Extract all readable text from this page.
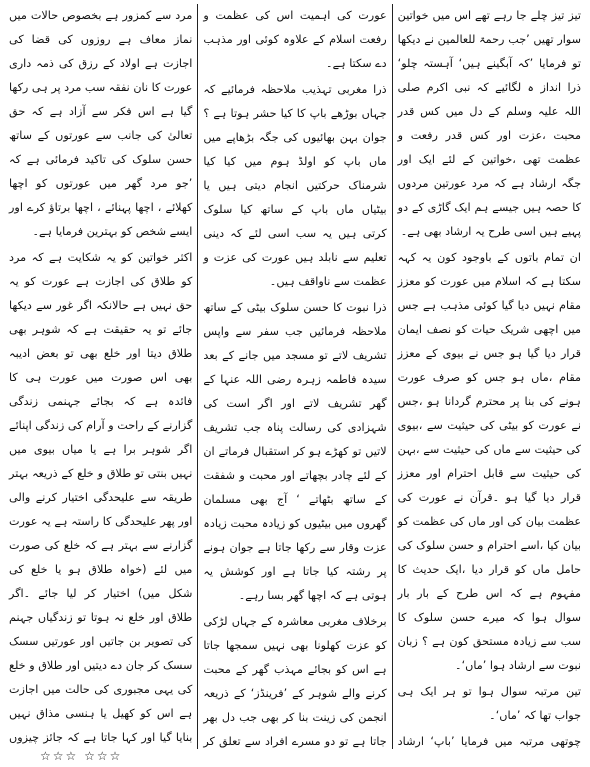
تیز تیز چلے جا رہے تھے اس میں خواتین سوار تھیں ’جب رحمۃ للعالمین نے دیکھا تو فرمایا ’کہ آبگینے ہیں‘ آہستہ چلو‘ ذرا انداز ہ لگائیے کہ نبی اکرم صلی اللہ علیہ وسلم کے دل میں کس قدر محبت ،عزت اور کس قدر رفعت و عظمت تھی ،خواتین کے لئے ایک اور جگہ ارشاد ہے کہ مرد عورتین مردوں کا حصہ ہیں جیسے ہم ایک گاڑی کے دو پہیے ہیں اسی طرح یہ ارشاد بھی ہے۔

ان تمام باتوں کے باوجود کون یہ کہہ سکتا ہے کہ اسلام میں عورت کو معزز مقام نہیں دیا گیا کوئی مذہب ہے جس میں اچھی شریک حیات کو نصف ایمان قرار دیا گیا ہو جس نے بیوی کے معزز مقام ،ماں ہو جس کو صرف عورت ہونے کی بنا پر محترم گردانا ہو ،جس نے عورت کو بیٹی کی حیثیت سے ،بیوی کی حیثیت سے ماں کی حیثیت سے ،بہن کی حیثیت سے قابل احترام اور معزز قرار دیا گیا ہو ۔قرآن نے عورت کی عظمت بیان کی اور ماں کی عظمت کو بیان کیا ،اسے احترام و حسن سلوک کی حامل ماں کو قرار دیا ،ایک حدیث کا مفہوم ہے کہ اس طرح کے بار بار سوال ہوا کہ میرے حسن سلوک کا سب سے زیادہ مستحق کون ہے ؟ زبان نبوت سے ارشاد ہوا ’ماں‘۔

تین مرتبہ سوال ہوا تو ہر ایک ہی جواب تھا کہ ’ماں‘۔

چوتھی مرتبہ میں فرمایا ’باپ‘ ارشاد

عورت کی اہمیت اس کی عظمت و رفعت اسلام کے علاوہ کوئی اور مذہب دے سکتا ہے۔

ذرا مغربی تہذیب ملاحظہ فرمائیے کہ جہاں بوڑھے باپ کا کیا حشر ہوتا ہے ؟ جوان بہن بھائیوں کی جگہ بڑھاپے میں ماں باپ کو اولڈ ہوم میں کیا کیا شرمناک حرکتیں انجام دیتی ہیں یا بیٹیاں ماں باپ کے ساتھ کیا سلوک کرتی ہیں یہ سب اسی لئے کہ دینی تعلیم سے نابلد ہیں عورت کی عزت و عظمت سے ناواقف ہیں۔

ذرا نبوت کا حسن سلوک بیٹی کے ساتھ ملاحظہ فرمائیں جب سفر سے واپس تشریف لاتے تو مسجد میں جانے کے بعد سیدہ فاطمہ زہرہ رضی اللہ عنہا کے گھر تشریف لاتے اور اگر است کی شہزادی کی رسالت پناہ جب تشریف لاتیں تو کھڑے ہو کر استقبال فرماتے ان کے لئے چادر بچھاتے اور محبت و شفقت کے ساتھ بٹھاتے ‘ آج بھی مسلمان گھروں میں بیٹیوں کو زیادہ محبت زیادہ عزت وقار سے رکھا جاتا ہے جوان ہونے پر رشتہ کیا جاتا ہے اور کوشش یہ ہوتی ہے کہ اچھا گھر بسا رہے۔

برخلاف مغربی معاشرہ کے جہاں لڑکی کو عزت کھلونا بھی نہیں سمجھا جاتا ہے اس کو بجائے مہذب گھر کے محبت کرنے والے شوہر کے ’فرینڈز‘ کے ذریعہ انجمن کی زینت بنا کر بھی جب دل بھر جاتا ہے تو دو مسرے افراد سے تعلق کر

مرد سے کمزور ہے بخصوص حالات میں نماز معاف ہے روزوں کی قضا کی اجازت ہے اولاد کے رزق کی ذمہ داری عورت کا نان نفقہ سب مرد پر ہی رکھا گیا ہے اس فکر سے آزاد ہے کہ حق تعالیٰ کی جانب سے عورتوں کے ساتھ حسن سلوک کی تاکید فرمائی ہے کہ ’جو مرد گھر میں عورتوں کو اچھا کھلائے ، اچھا پہنائے ، اچھا برتاؤ کرے اور ایسے شخص کو بہترین فرمایا ہے۔

اکثر خواتین کو یہ شکایت ہے کہ مرد کو طلاق کی اجازت ہے عورت کو یہ حق نہیں ہے حالانکہ اگر غور سے دیکھا جائے تو یہ حقیقت ہے کہ شوہر بھی طلاق دیتا اور خلع بھی تو بعض ادیبہ بھی اس صورت میں عورت ہی کا فائدہ ہے کہ بجائے جہنمی زندگی گزارنے کے راحت و آرام کی زندگی اپنائے اگر شوہر برا ہے یا میاں بیوی میں نہیں بنتی تو طلاق و خلع کے ذریعہ بہتر طریقہ سے علیحدگی اختیار کرنے والی اور پھر علیحدگی کا راستہ ہے یہ عورت گزارنے سے بہتر ہے کہ خلع کی صورت میں لئے (خواہ طلاق ہو یا خلع کی شکل میں) اختیار کر لیا جائے ۔اگر طلاق اور خلع نہ ہوتا تو زندگیاں جہنم کی تصویر بن جاتیں اور عورتیں سسک سسک کر جان دے دیتیں اور طلاق و خلع کی یہی مجبوری کی حالت میں اجازت ہے اس کو کھیل یا ہنسی مذاق نہیں بنایا گیا اور کہا جاتا ہے کہ جائز چیزوں

☆☆☆ ☆☆☆
